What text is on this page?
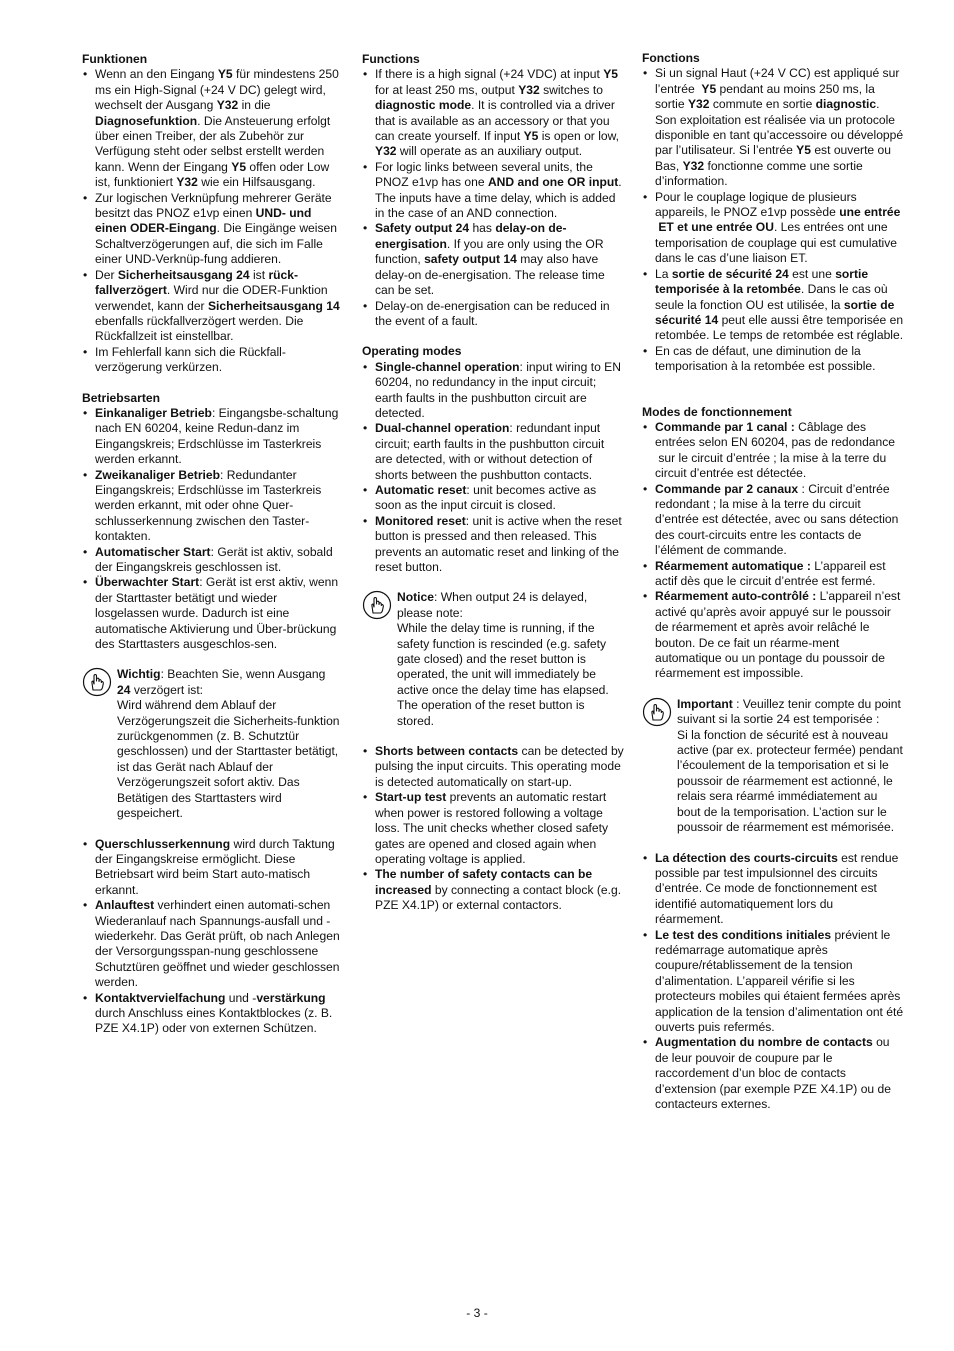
Funktionen
• Wenn an den Eingang Y5 für mindestens 250 ms ein High-Signal (+24 V DC) gelegt wird, wechselt der Ausgang Y32 in die Diagnosefunktion. Die Ansteuerung erfolgt über einen Treiber, der als Zubehör zur Verfügung steht oder selbst erstellt werden kann. Wenn der Eingang Y5 offen oder Low ist, funktioniert Y32 wie ein Hilfsausgang.
• Zur logischen Verknüpfung mehrerer Geräte besitzt das PNOZ e1vp einen UND- und einen ODER-Eingang. Die Eingänge weisen Schaltverzögerungen auf, die sich im Falle einer UND-Verknüp-fung addieren.
• Der Sicherheitsausgang 24 ist rück-fallverzögert. Wird nur die ODER-Funktion verwendet, kann der Sicherheitsausgang 14 ebenfalls rückfallverzögert werden. Die Rückfallzeit ist einstellbar.
• Im Fehlerfall kann sich die Rückfall-verzögerung verkürzen.
Betriebsarten
• Einkanaliger Betrieb: Eingangsbe-schaltung nach EN 60204, keine Redun-danz im Eingangskreis; Erdschlüsse im Tasterkreis werden erkannt.
• Zweikanaliger Betrieb: Redundanter Eingangskreis; Erdschlüsse im Tasterkreis werden erkannt, mit oder ohne Quer-schlusserkennung zwischen den Taster-kontakten.
• Automatischer Start: Gerät ist aktiv, sobald der Eingangskreis geschlossen ist.
• Überwachter Start: Gerät ist erst aktiv, wenn der Starttaster betätigt und wieder losgelassen wurde. Dadurch ist eine automatische Aktivierung und Über-brückung des Starttasters ausgeschlos-sen.
Wichtig: Beachten Sie, wenn Ausgang
24 verzögert ist:
Wird während dem Ablauf der Verzögerungszeit die Sicherheits-funktion zurückgenommen (z. B. Schutztür geschlossen) und der Starttaster betätigt, ist das Gerät nach Ablauf der Verzögerungszeit sofort aktiv. Das Betätigen des Starttasters wird gespeichert.
• Querschlusserkennung wird durch Taktung der Eingangskreise ermöglicht. Diese Betriebsart wird beim Start auto-matisch erkannt.
• Anlauftest verhindert einen automati-schen Wiederanlauf nach Spannungs-ausfall und -wiederkehr. Das Gerät prüft, ob nach Anlegen der Versorgungsspan-nung geschlossene Schutztüren geöffnet und wieder geschlossen werden.
• Kontaktvervielfachung und -verstärkung durch Anschluss eines Kontaktblockes (z. B. PZE X4.1P) oder von externen Schützen.
Functions
• If there is a high signal (+24 VDC) at input Y5 for at least 250 ms, output Y32 switches to diagnostic mode. It is controlled via a driver that is available as an accessory or that you can create yourself. If input Y5 is open or low, Y32 will operate as an auxiliary output.
• For logic links between several units, the PNOZ e1vp has one AND and one OR input. The inputs have a time delay, which is added in the case of an AND connection.
• Safety output 24 has delay-on de-energisation. If you are only using the OR function, safety output 14 may also have delay-on de-energisation. The release time can be set.
• Delay-on de-energisation can be reduced in the event of a fault.
Operating modes
• Single-channel operation: input wiring to EN 60204, no redundancy in the input circuit; earth faults in the pushbutton circuit are detected.
• Dual-channel operation: redundant input circuit; earth faults in the pushbutton circuit are detected, with or without detection of shorts between the pushbutton contacts.
• Automatic reset: unit becomes active as soon as the input circuit is closed.
• Monitored reset: unit is active when the reset button is pressed and then released. This prevents an automatic reset and linking of the reset button.
Notice: When output 24 is delayed, please note:
While the delay time is running, if the safety function is rescinded (e.g. safety gate closed) and the reset button is operated, the unit will immediately be active once the delay time has elapsed. The operation of the reset button is stored.
• Shorts between contacts can be detected by pulsing the input circuits. This operating mode is detected automatically on start-up.
• Start-up test prevents an automatic restart when power is restored following a voltage loss. The unit checks whether closed safety gates are opened and closed again when operating voltage is applied.
• The number of safety contacts can be increased by connecting a contact block (e.g. PZE X4.1P) or external contactors.
Fonctions
• Si un signal Haut (+24 V CC) est appliqué sur l’entrée  Y5 pendant au moins 250 ms, la sortie Y32 commute en sortie diagnostic. Son exploitation est réalisée via un protocole disponible en tant qu’accessoire ou développé par l’utilisateur. Si l’entrée Y5 est ouverte ou Bas, Y32 fonctionne comme une sortie d’information.
• Pour le couplage logique de plusieurs appareils, le PNOZ e1vp possède une entrée  ET et une entrée OU. Les entrées ont une temporisation de couplage qui est cumulative dans le cas d’une liaison ET.
• La sortie de sécurité 24 est une sortie temporisée à la retombée. Dans le cas où seule la fonction OU est utilisée, la sortie de sécurité 14 peut elle aussi être temporisée en retombée. Le temps de retombée est réglable.
• En cas de défaut, une diminution de la temporisation à la retombée est possible.
Modes de fonctionnement
• Commande par 1 canal : Câblage des entrées selon EN 60204, pas de redondance  sur le circuit d’entrée ; la mise à la terre du circuit d’entrée est détectée.
• Commande par 2 canaux : Circuit d’entrée redondant ; la mise à la terre du circuit d’entrée est détectée, avec ou sans détection des court-circuits entre les contacts de l’élément de commande.
• Réarmement automatique : L’appareil est actif dès que le circuit d’entrée est fermé.
• Réarmement auto-contrôlé : L’appareil n’est activé qu’après avoir appuyé sur le poussoir de réarmement et après avoir relâché le bouton. De ce fait un réarme-ment automatique ou un pontage du poussoir de réarmement est impossible.
Important : Veuillez tenir compte du point suivant si la sortie 24 est temporisée :
Si la fonction de sécurité est à nouveau active (par ex. protecteur fermée) pendant l’écoulement de la temporisation et si le poussoir de réarmement est actionné, le relais sera réarmé immédiatement au bout de la temporisation. L’action sur le poussoir de réarmement est mémorisée.
• La détection des courts-circuits est rendue possible par test impulsionnel des circuits d’entrée. Ce mode de fonctionnement est identifié automatiquement lors du réarmement.
• Le test des conditions initiales prévient le redémarrage automatique après coupure/rétablissement de la tension d’alimentation. L’appareil vérifie si les protecteurs mobiles qui étaient fermées après application de la tension d’alimentation ont été ouverts puis refermés.
• Augmentation du nombre de contacts ou de leur pouvoir de coupure par le raccordement d’un bloc de contacts d’extension (par exemple PZE X4.1P) ou de contacteurs externes.
- 3 -
